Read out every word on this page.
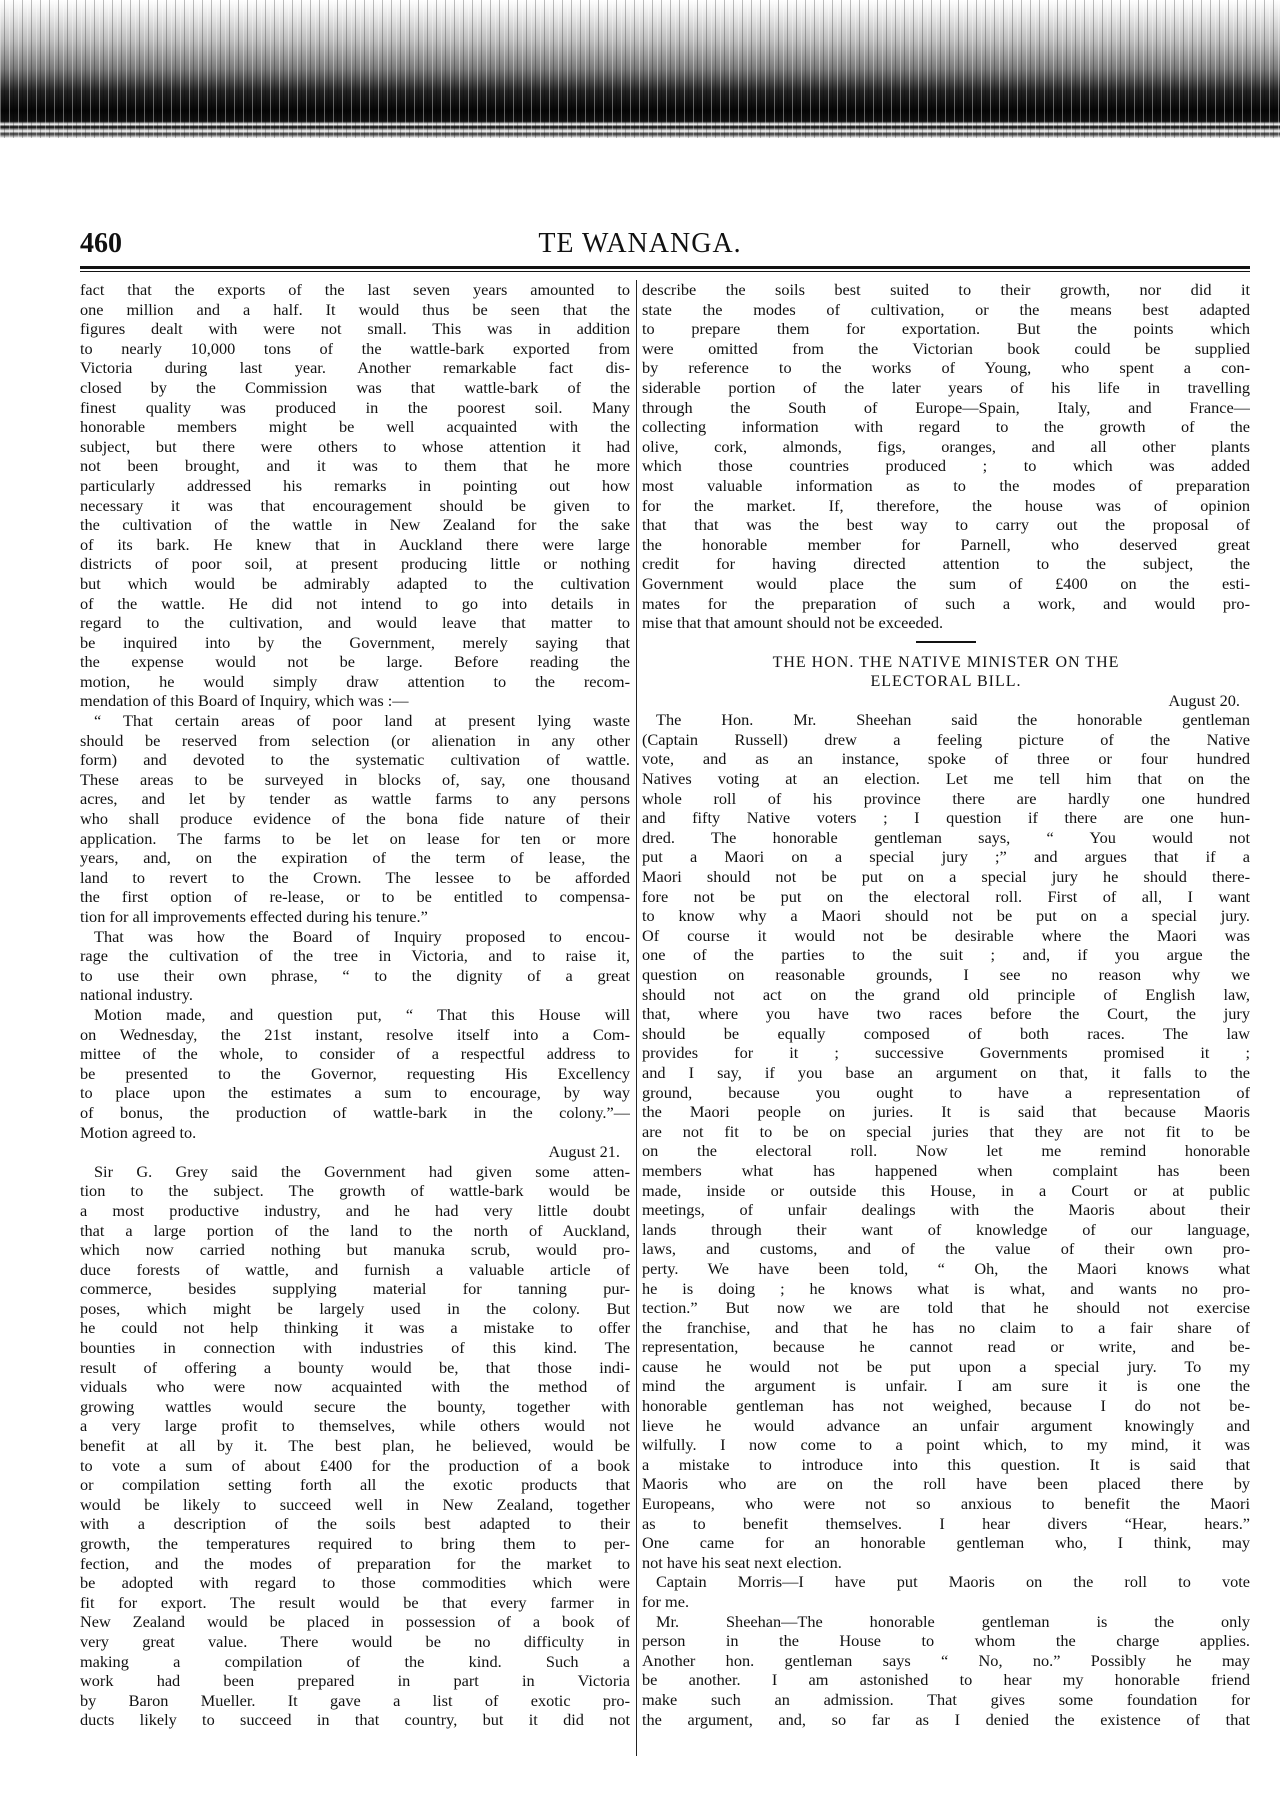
460	TE WANANGA.
fact that the exports of the last seven years amounted to
one million and a half. It would thus be seen that the
figures dealt with were not small. This was in addition
to nearly 10,000 tons of the wattle-bark exported from
Victoria during last year. Another remarkable fact dis-
closed by the Commission was that wattle-bark of the
finest quality was produced in the poorest soil. Many
honorable members might be well acquainted with the
subject, but there were others to whose attention it had
not been brought, and it was to them that he more
particularly addressed his remarks in pointing out how
necessary it was that encouragement should be given to
the cultivation of the wattle in New Zealand for the sake
of its bark. He knew that in Auckland there were large
districts of poor soil, at present producing little or nothing
but which would be admirably adapted to the cultivation
of the wattle. He did not intend to go into details in
regard to the cultivation, and would leave that matter to
be inquired into by the Government, merely saying that
the expense would not be large. Before reading the
motion, he would simply draw attention to the recom-
mendation of this Board of Inquiry, which was :—
“ That certain areas of poor land at present lying waste
should be reserved from selection (or alienation in any other
form) and devoted to the systematic cultivation of wattle.
These areas to be surveyed in blocks of, say, one thousand
acres, and let by tender as wattle farms to any persons
who shall produce evidence of the bona fide nature of their
application. The farms to be let on lease for ten or more
years, and, on the expiration of the term of lease, the
land to revert to the Crown. The lessee to be afforded
the first option of re-lease, or to be entitled to compensa-
tion for all improvements effected during his tenure.”
That was how the Board of Inquiry proposed to encou-
rage the cultivation of the tree in Victoria, and to raise it,
to use their own phrase, “ to the dignity of a great
national industry.
Motion made, and question put, “ That this House will
on Wednesday, the 21st instant, resolve itself into a Com-
mittee of the whole, to consider of a respectful address to
be presented to the Governor, requesting His Excellency
to place upon the estimates a sum to encourage, by way
of bonus, the production of wattle-bark in the colony.”—
Motion agreed to.
August 21.
Sir G. Grey said the Government had given some atten-
tion to the subject. The growth of wattle-bark would be
a most productive industry, and he had very little doubt
that a large portion of the land to the north of Auckland,
which now carried nothing but manuka scrub, would pro-
duce forests of wattle, and furnish a valuable article of
commerce, besides supplying material for tanning pur-
poses, which might be largely used in the colony. But
he could not help thinking it was a mistake to offer
bounties in connection with industries of this kind. The
result of offering a bounty would be, that those indi-
viduals who were now acquainted with the method of
growing wattles would secure the bounty, together with
a very large profit to themselves, while others would not
benefit at all by it. The best plan, he believed, would be
to vote a sum of about £400 for the production of a book
or compilation setting forth all the exotic products that
would be likely to succeed well in New Zealand, together
with a description of the soils best adapted to their
growth, the temperatures required to bring them to per-
fection, and the modes of preparation for the market to
be adopted with regard to those commodities which were
fit for export. The result would be that every farmer in
New Zealand would be placed in possession of a book of
very great value. There would be no difficulty in
making a compilation of the kind. Such a
work had been prepared in part in Victoria
by Baron Mueller. It gave a list of exotic pro-
ducts likely to succeed in that country, but it did not
describe the soils best suited to their growth, nor did it
state the modes of cultivation, or the means best adapted
to prepare them for exportation. But the points which
were omitted from the Victorian book could be supplied
by reference to the works of Young, who spent a con-
siderable portion of the later years of his life in travelling
through the South of Europe—Spain, Italy, and France—
collecting information with regard to the growth of the
olive, cork, almonds, figs, oranges, and all other plants
which those countries produced ; to which was added
most valuable information as to the modes of preparation
for the market. If, therefore, the house was of opinion
that that was the best way to carry out the proposal of
the honorable member for Parnell, who deserved great
credit for having directed attention to the subject, the
Government would place the sum of £400 on the esti-
mates for the preparation of such a work, and would pro-
mise that that amount should not be exceeded.
THE HON. THE NATIVE MINISTER ON THE
ELECTORAL BILL.
August 20.
The Hon. Mr. Sheehan said the honorable gentleman
(Captain Russell) drew a feeling picture of the Native
vote, and as an instance, spoke of three or four hundred
Natives voting at an election. Let me tell him that on the
whole roll of his province there are hardly one hundred
and fifty Native voters ; I question if there are one hun-
dred. The honorable gentleman says, “ You would not
put a Maori on a special jury ;” and argues that if a
Maori should not be put on a special jury he should there-
fore not be put on the electoral roll. First of all, I want
to know why a Maori should not be put on a special jury.
Of course it would not be desirable where the Maori was
one of the parties to the suit ; and, if you argue the
question on reasonable grounds, I see no reason why we
should not act on the grand old principle of English law,
that, where you have two races before the Court, the jury
should be equally composed of both races. The law
provides for it ; successive Governments promised it ;
and I say, if you base an argument on that, it falls to the
ground, because you ought to have a representation of
the Maori people on juries. It is said that because Maoris
are not fit to be on special juries that they are not fit to be
on the electoral roll. Now let me remind honorable
members what has happened when complaint has been
made, inside or outside this House, in a Court or at public
meetings, of unfair dealings with the Maoris about their
lands through their want of knowledge of our language,
laws, and customs, and of the value of their own pro-
perty. We have been told, “ Oh, the Maori knows what
he is doing ; he knows what is what, and wants no pro-
tection.” But now we are told that he should not exercise
the franchise, and that he has no claim to a fair share of
representation, because he cannot read or write, and be-
cause he would not be put upon a special jury. To my
mind the argument is unfair. I am sure it is one the
honorable gentleman has not weighed, because I do not be-
lieve he would advance an unfair argument knowingly and
wilfully. I now come to a point which, to my mind, it was
a mistake to introduce into this question. It is said that
Maoris who are on the roll have been placed there by
Europeans, who were not so anxious to benefit the Maori
as to benefit themselves. I hear divers “Hear, hears.”
One came for an honorable gentleman who, I think, may
not have his seat next election.
Captain Morris—I have put Maoris on the roll to vote
for me.
Mr. Sheehan—The honorable gentleman is the only
person in the House to whom the charge applies.
Another hon. gentleman says “ No, no.” Possibly he may
be another. I am astonished to hear my honorable friend
make such an admission. That gives some foundation for
the argument, and, so far as I denied the existence of that
